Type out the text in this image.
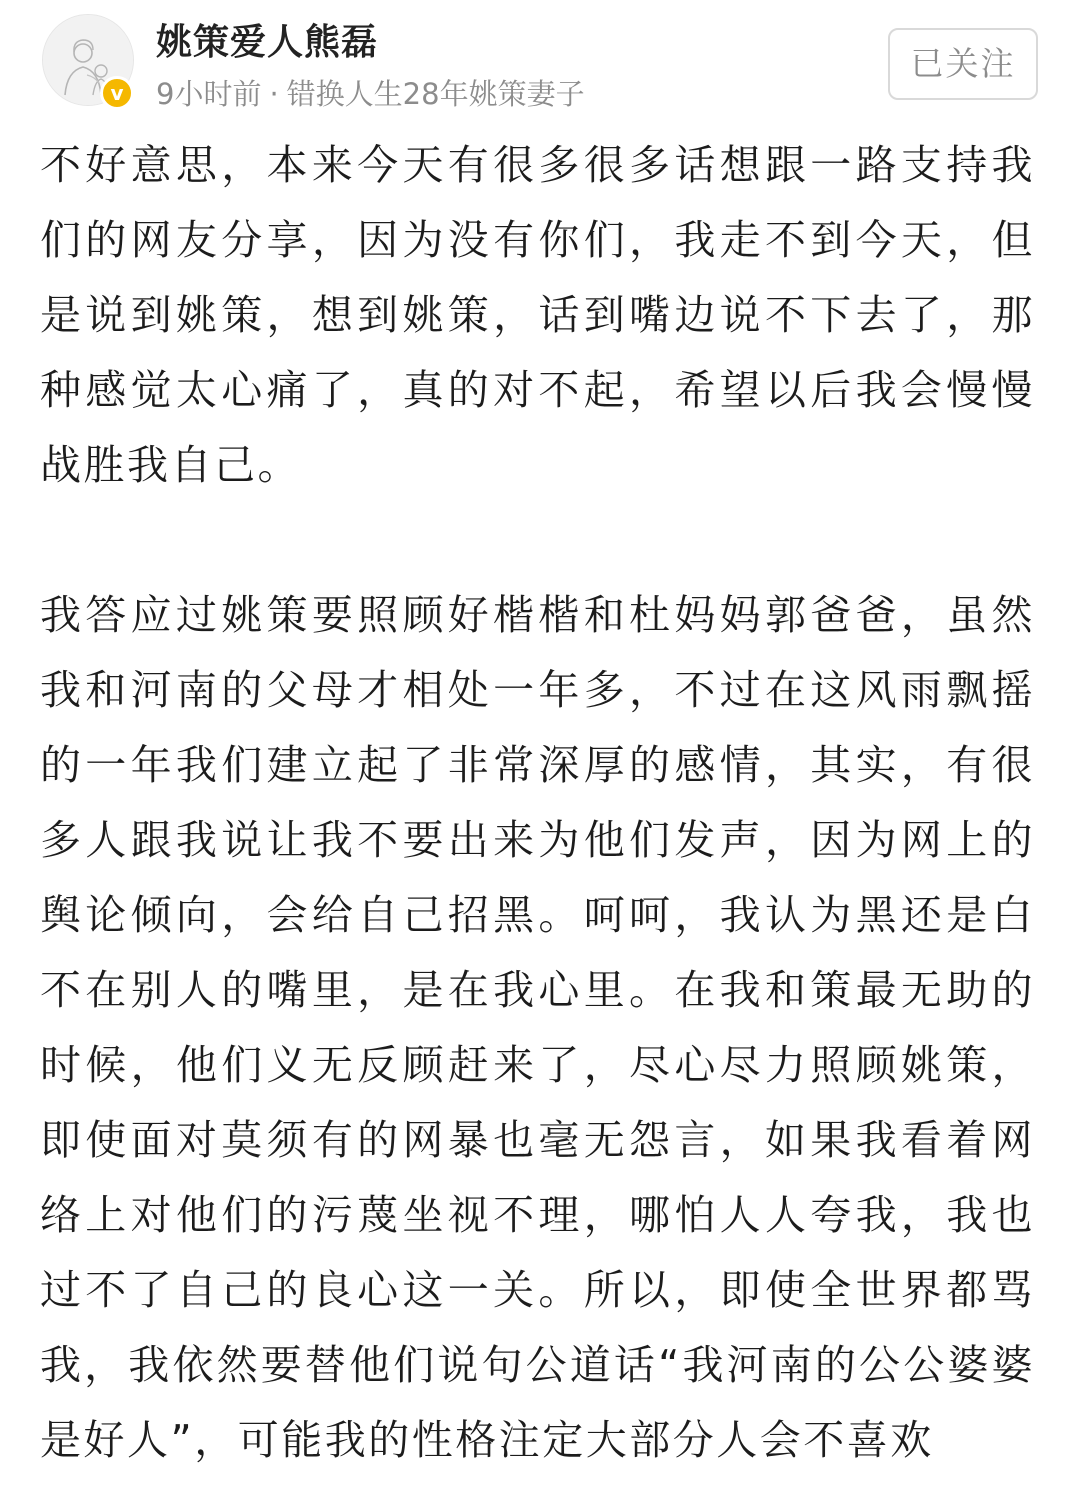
v
姚策爱人熊磊
9小时前 · 错换人生28年姚策妻子
已关注

不好意思，本来今天有很多很多话想跟一路支持我们的网友分享，因为没有你们，我走不到今天，但是说到姚策，想到姚策，话到嘴边说不下去了，那种感觉太心痛了，真的对不起，希望以后我会慢慢战胜我自己。

我答应过姚策要照顾好楷楷和杜妈妈郭爸爸，虽然我和河南的父母才相处一年多，不过在这风雨飘摇的一年我们建立起了非常深厚的感情，其实，有很多人跟我说让我不要出来为他们发声，因为网上的舆论倾向，会给自己招黑。呵呵，我认为黑还是白不在别人的嘴里，是在我心里。在我和策最无助的时候，他们义无反顾赶来了，尽心尽力照顾姚策，即使面对莫须有的网暴也毫无怨言，如果我看着网络上对他们的污蔑坐视不理，哪怕人人夸我，我也过不了自己的良心这一关。所以，即使全世界都骂我，我依然要替他们说句公道话“我河南的公公婆婆是好人”，可能我的性格注定大部分人会不喜欢
